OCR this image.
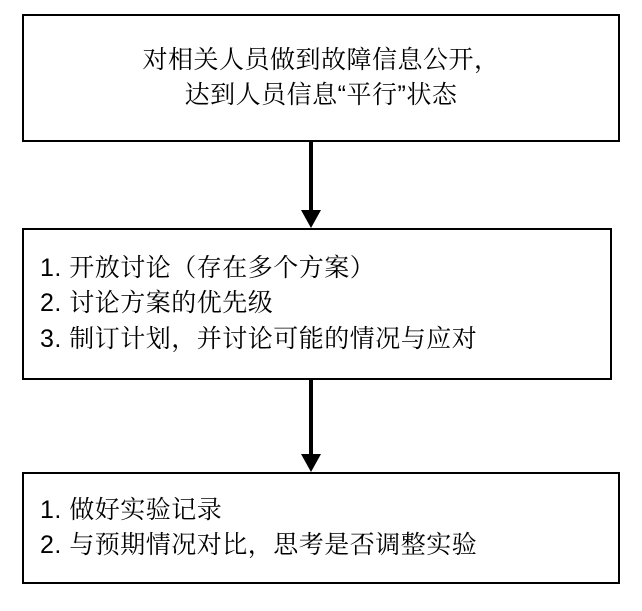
对相关人员做到故障信息公开，
达到人员信息“平行”状态
1. 开放讨论（存在多个方案）
2. 讨论方案的优先级
3. 制订计划，并讨论可能的情况与应对
1. 做好实验记录
2. 与预期情况对比，思考是否调整实验
